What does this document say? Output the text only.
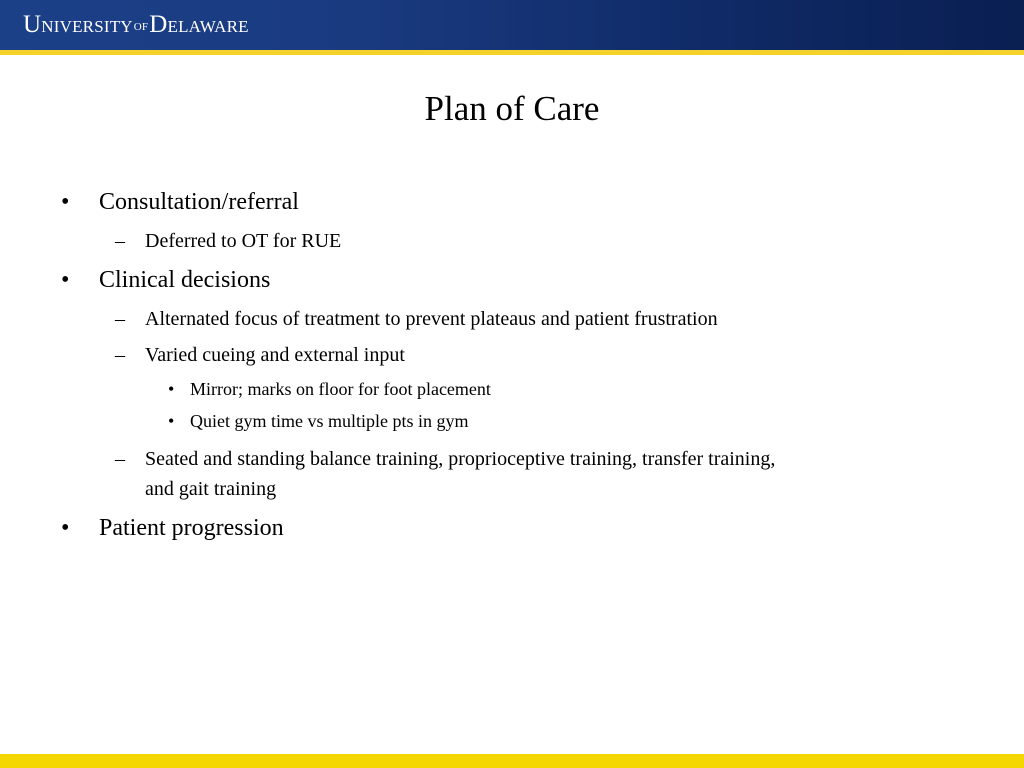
UNIVERSITYOFDELAWARE
Plan of Care
• Consultation/referral
– Deferred to OT for RUE
• Clinical decisions
– Alternated focus of treatment to prevent plateaus and patient frustration
– Varied cueing and external input
• Mirror; marks on floor for foot placement
• Quiet gym time vs multiple pts in gym
– Seated and standing balance training, proprioceptive training, transfer training,
and gait training
• Patient progression
